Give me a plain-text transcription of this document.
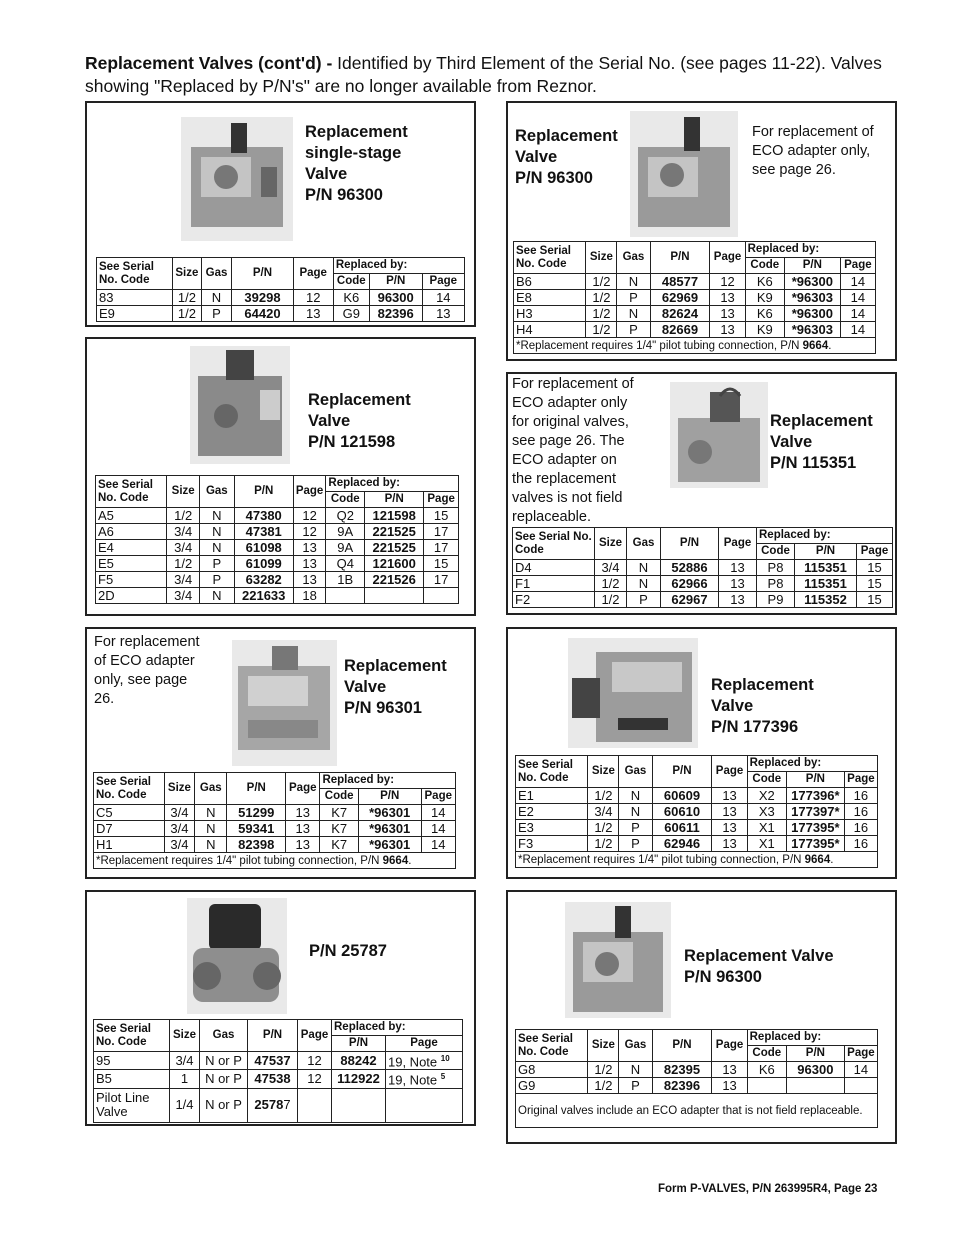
Replacement Valves (cont'd) - Identified by Third Element of the Serial No. (see pages 11-22). Valves showing "Replaced by P/N's" are no longer available from Reznor.
Replacement
single-stage
Valve
P/N 96300
See Serial No. Code	Size	Gas	P/N	Page	Replaced by:		
					Code	P/N	Page
83	1/2	N	39298	12	K6	96300	14
E9	1/2	P	64420	13	G9	82396	13
Replacement
Valve
P/N 96300
For replacement of
ECO adapter only,
see page 26.
See Serial No. Code	Size	Gas	P/N	Page	Replaced by:		
					Code	P/N	Page
B6	1/2	N	48577	12	K6	*96300	14
E8	1/2	P	62969	13	K9	*96303	14
H3	1/2	N	82624	13	K6	*96300	14
H4	1/2	P	82669	13	K9	*96303	14
*Replacement requires 1/4" pilot tubing connection, P/N 9664.							
Replacement
Valve
P/N 121598
See Serial No. Code	Size	Gas	P/N	Page	Replaced by:		
					Code	P/N	Page
A5	1/2	N	47380	12	Q2	121598	15
A6	3/4	N	47381	12	9A	221525	17
E4	3/4	N	61098	13	9A	221525	17
E5	1/2	P	61099	13	Q4	121600	15
F5	3/4	P	63282	13	1B	221526	17
2D	3/4	N	221633	18			
For replacement of
ECO adapter only
for original valves,
see page 26. The
ECO adapter on
the replacement
valves is not field
replaceable.
Replacement
Valve
P/N 115351
See Serial No. Code	Size	Gas	P/N	Page	Replaced by:		
					Code	P/N	Page
D4	3/4	N	52886	13	P8	115351	15
F1	1/2	N	62966	13	P8	115351	15
F2	1/2	P	62967	13	P9	115352	15
For replacement
of ECO adapter
only, see page
26.
Replacement
Valve
P/N 96301
See Serial No. Code	Size	Gas	P/N	Page	Replaced by:		
					Code	P/N	Page
C5	3/4	N	51299	13	K7	*96301	14
D7	3/4	N	59341	13	K7	*96301	14
H1	3/4	N	82398	13	K7	*96301	14
*Replacement requires 1/4" pilot tubing connection, P/N 9664.							
Replacement
Valve
P/N 177396
See Serial No. Code	Size	Gas	P/N	Page	Replaced by:		
					Code	P/N	Page
E1	1/2	N	60609	13	X2	177396*	16
E2	3/4	N	60610	13	X3	177397*	16
E3	1/2	P	60611	13	X1	177395*	16
F3	1/2	P	62946	13	X1	177395*	16
*Replacement requires 1/4" pilot tubing connection, P/N 9664.							
P/N 25787
See Serial No. Code	Size	Gas	P/N	Page	Replaced by:	
					P/N	Page
95	3/4	N or P	47537	12	88242	19, Note $^{10}$
B5	1	N or P	47538	12	112922	19, Note $^5$
Pilot Line Valve	1/4	N or P	25787			
Replacement Valve
P/N 96300
See Serial No. Code	Size	Gas	P/N	Page	Replaced by:		
					Code	P/N	Page
G8	1/2	N	82395	13	K6	96300	14
G9	1/2	P	82396	13			
Original valves include an ECO adapter that is not field replaceable.							
Form P-VALVES, P/N 263995R4, Page 23
